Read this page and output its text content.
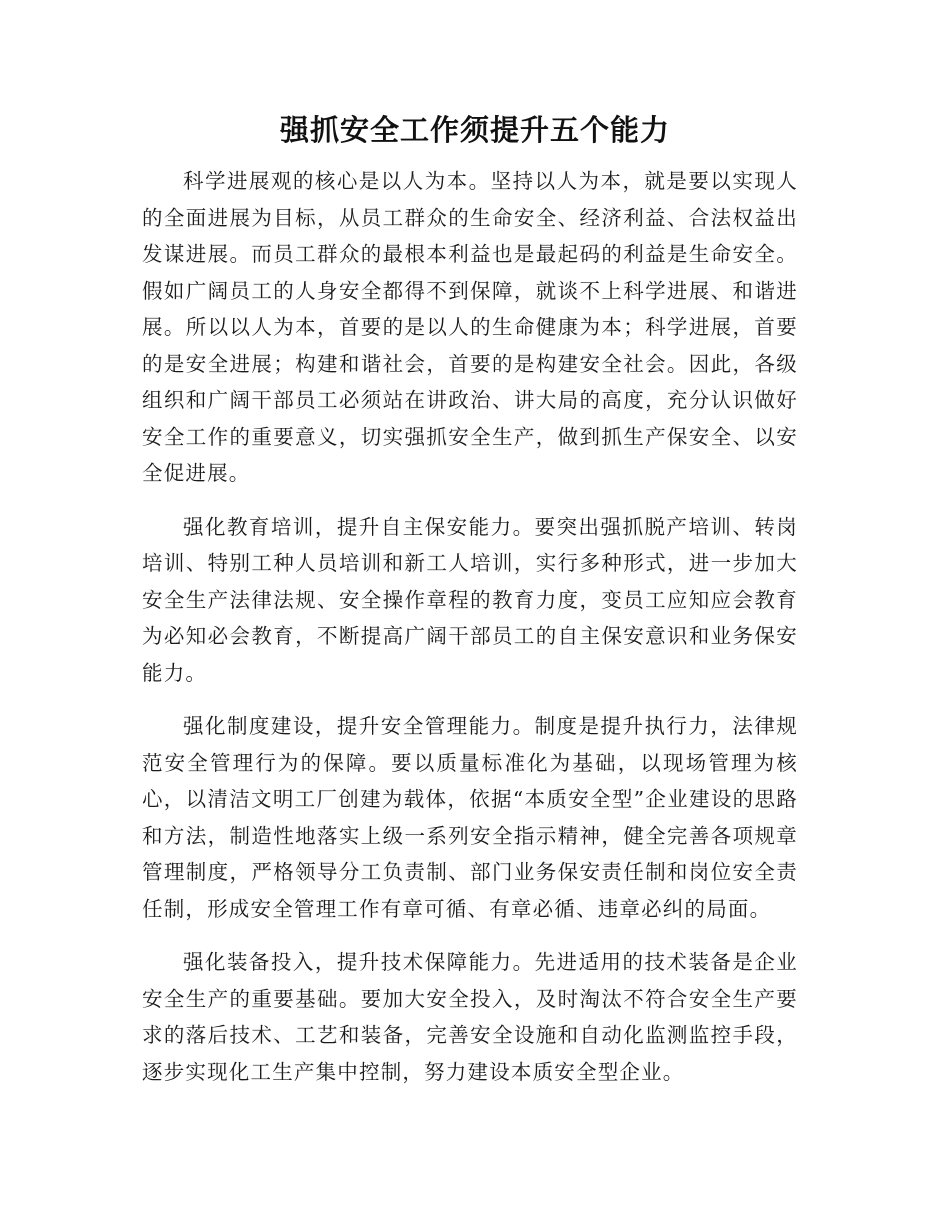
强抓安全工作须提升五个能力

科学进展观的核心是以人为本。坚持以人为本，就是要以实现人的全面进展为目标，从员工群众的生命安全、经济利益、合法权益出发谋进展。而员工群众的最根本利益也是最起码的利益是生命安全。假如广阔员工的人身安全都得不到保障，就谈不上科学进展、和谐进展。所以以人为本，首要的是以人的生命健康为本；科学进展，首要的是安全进展；构建和谐社会，首要的是构建安全社会。因此，各级组织和广阔干部员工必须站在讲政治、讲大局的高度，充分认识做好安全工作的重要意义，切实强抓安全生产，做到抓生产保安全、以安全促进展。

强化教育培训，提升自主保安能力。要突出强抓脱产培训、转岗培训、特别工种人员培训和新工人培训，实行多种形式，进一步加大安全生产法律法规、安全操作章程的教育力度，变员工应知应会教育为必知必会教育，不断提高广阔干部员工的自主保安意识和业务保安能力。

强化制度建设，提升安全管理能力。制度是提升执行力，法律规范安全管理行为的保障。要以质量标准化为基础，以现场管理为核心，以清洁文明工厂创建为载体，依据“本质安全型”企业建设的思路和方法，制造性地落实上级一系列安全指示精神，健全完善各项规章管理制度，严格领导分工负责制、部门业务保安责任制和岗位安全责任制，形成安全管理工作有章可循、有章必循、违章必纠的局面。

强化装备投入，提升技术保障能力。先进适用的技术装备是企业安全生产的重要基础。要加大安全投入，及时淘汰不符合安全生产要求的落后技术、工艺和装备，完善安全设施和自动化监测监控手段，逐步实现化工生产集中控制，努力建设本质安全型企业。
